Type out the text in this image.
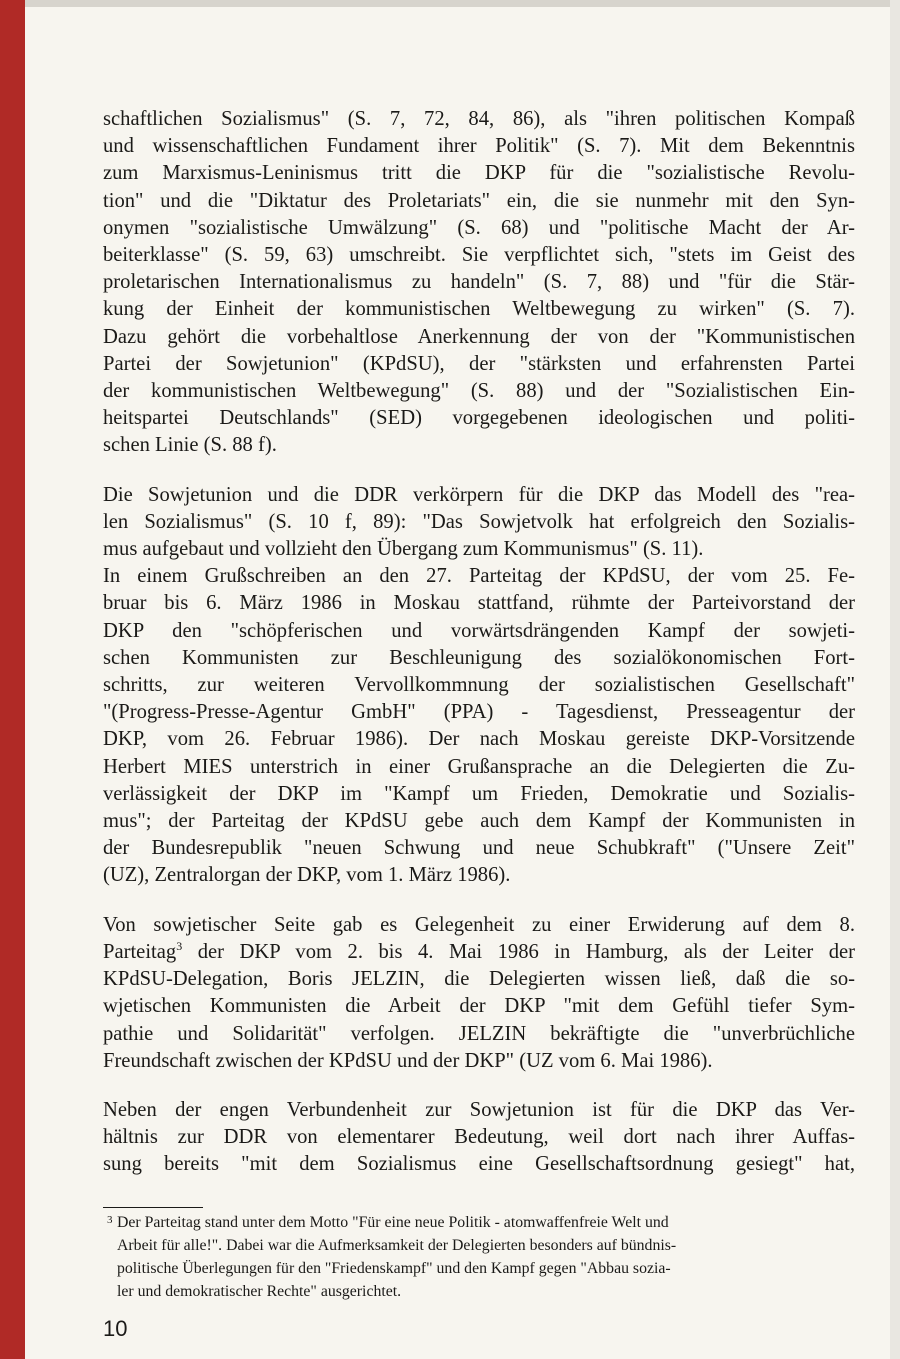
schaftlichen Sozialismus" (S. 7, 72, 84, 86), als "ihren politischen Kompaß
und wissenschaftlichen Fundament ihrer Politik" (S. 7). Mit dem Bekenntnis
zum Marxismus-Leninismus tritt die DKP für die "sozialistische Revolu-
tion" und die "Diktatur des Proletariats" ein, die sie nunmehr mit den Syn-
onymen "sozialistische Umwälzung" (S. 68) und "politische Macht der Ar-
beiterklasse" (S. 59, 63) umschreibt. Sie verpflichtet sich, "stets im Geist des
proletarischen Internationalismus zu handeln" (S. 7, 88) und "für die Stär-
kung der Einheit der kommunistischen Weltbewegung zu wirken" (S. 7).
Dazu gehört die vorbehaltlose Anerkennung der von der "Kommunistischen
Partei der Sowjetunion" (KPdSU), der "stärksten und erfahrensten Partei
der kommunistischen Weltbewegung" (S. 88) und der "Sozialistischen Ein-
heitspartei Deutschlands" (SED) vorgegebenen ideologischen und politi-
schen Linie (S. 88 f).

Die Sowjetunion und die DDR verkörpern für die DKP das Modell des "rea-
len Sozialismus" (S. 10 f, 89): "Das Sowjetvolk hat erfolgreich den Sozialis-
mus aufgebaut und vollzieht den Übergang zum Kommunismus" (S. 11).
In einem Grußschreiben an den 27. Parteitag der KPdSU, der vom 25. Fe-
bruar bis 6. März 1986 in Moskau stattfand, rühmte der Parteivorstand der
DKP den "schöpferischen und vorwärtsdrängenden Kampf der sowjeti-
schen Kommunisten zur Beschleunigung des sozialökonomischen Fort-
schritts, zur weiteren Vervollkommnung der sozialistischen Gesellschaft"
"(Progress-Presse-Agentur GmbH" (PPA) - Tagesdienst, Presseagentur der
DKP, vom 26. Februar 1986). Der nach Moskau gereiste DKP-Vorsitzende
Herbert MIES unterstrich in einer Grußansprache an die Delegierten die Zu-
verlässigkeit der DKP im "Kampf um Frieden, Demokratie und Sozialis-
mus"; der Parteitag der KPdSU gebe auch dem Kampf der Kommunisten in
der Bundesrepublik "neuen Schwung und neue Schubkraft" ("Unsere Zeit"
(UZ), Zentralorgan der DKP, vom 1. März 1986).

Von sowjetischer Seite gab es Gelegenheit zu einer Erwiderung auf dem 8.
Parteitag$^3$ der DKP vom 2. bis 4. Mai 1986 in Hamburg, als der Leiter der
KPdSU-Delegation, Boris JELZIN, die Delegierten wissen ließ, daß die so-
wjetischen Kommunisten die Arbeit der DKP "mit dem Gefühl tiefer Sym-
pathie und Solidarität" verfolgen. JELZIN bekräftigte die "unverbrüchliche
Freundschaft zwischen der KPdSU und der DKP" (UZ vom 6. Mai 1986).

Neben der engen Verbundenheit zur Sowjetunion ist für die DKP das Ver-
hältnis zur DDR von elementarer Bedeutung, weil dort nach ihrer Auffas-
sung bereits "mit dem Sozialismus eine Gesellschaftsordnung gesiegt" hat,

3 Der Parteitag stand unter dem Motto "Für eine neue Politik - atomwaffenfreie Welt und
Arbeit für alle!". Dabei war die Aufmerksamkeit der Delegierten besonders auf bündnis-
politische Überlegungen für den "Friedenskampf" und den Kampf gegen "Abbau sozia-
ler und demokratischer Rechte" ausgerichtet.
10
